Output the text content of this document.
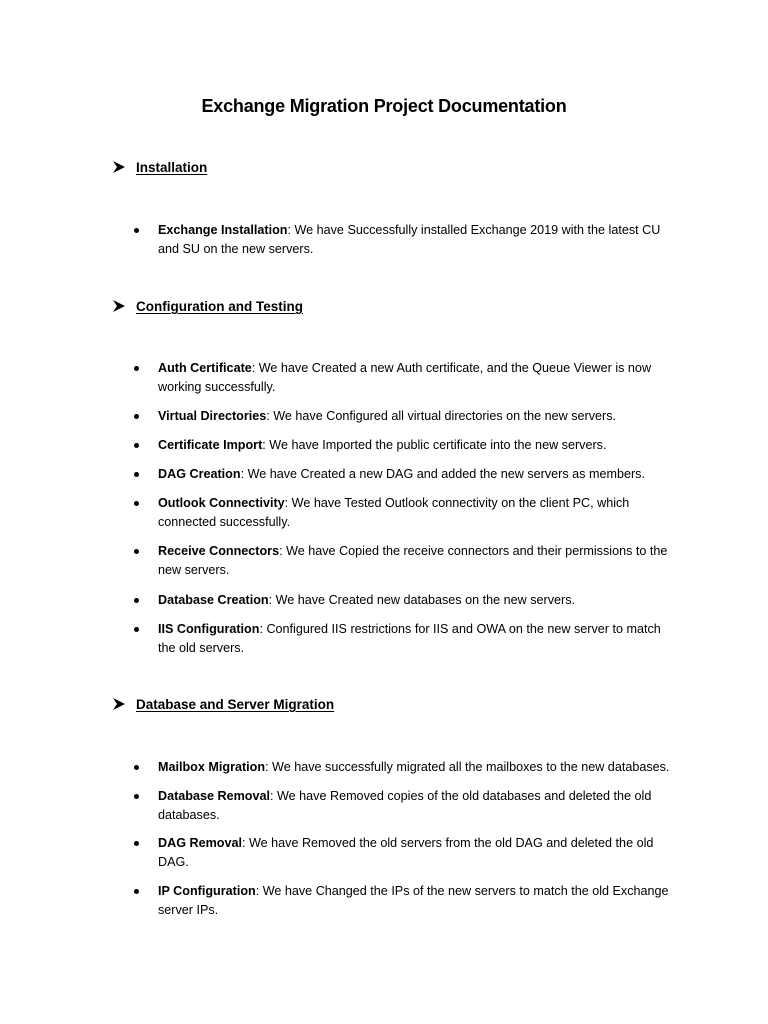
Exchange Migration Project Documentation
Installation
Exchange Installation: We have Successfully installed Exchange 2019 with the latest CU and SU on the new servers.
Configuration and Testing
Auth Certificate: We have Created a new Auth certificate, and the Queue Viewer is now working successfully.
Virtual Directories: We have Configured all virtual directories on the new servers.
Certificate Import: We have Imported the public certificate into the new servers.
DAG Creation: We have Created a new DAG and added the new servers as members.
Outlook Connectivity: We have Tested Outlook connectivity on the client PC, which connected successfully.
Receive Connectors: We have Copied the receive connectors and their permissions to the new servers.
Database Creation: We have Created new databases on the new servers.
IIS Configuration: Configured IIS restrictions for IIS and OWA on the new server to match the old servers.
Database and Server Migration
Mailbox Migration: We have successfully migrated all the mailboxes to the new databases.
Database Removal: We have Removed copies of the old databases and deleted the old databases.
DAG Removal: We have Removed the old servers from the old DAG and deleted the old DAG.
IP Configuration: We have Changed the IPs of the new servers to match the old Exchange server IPs.
